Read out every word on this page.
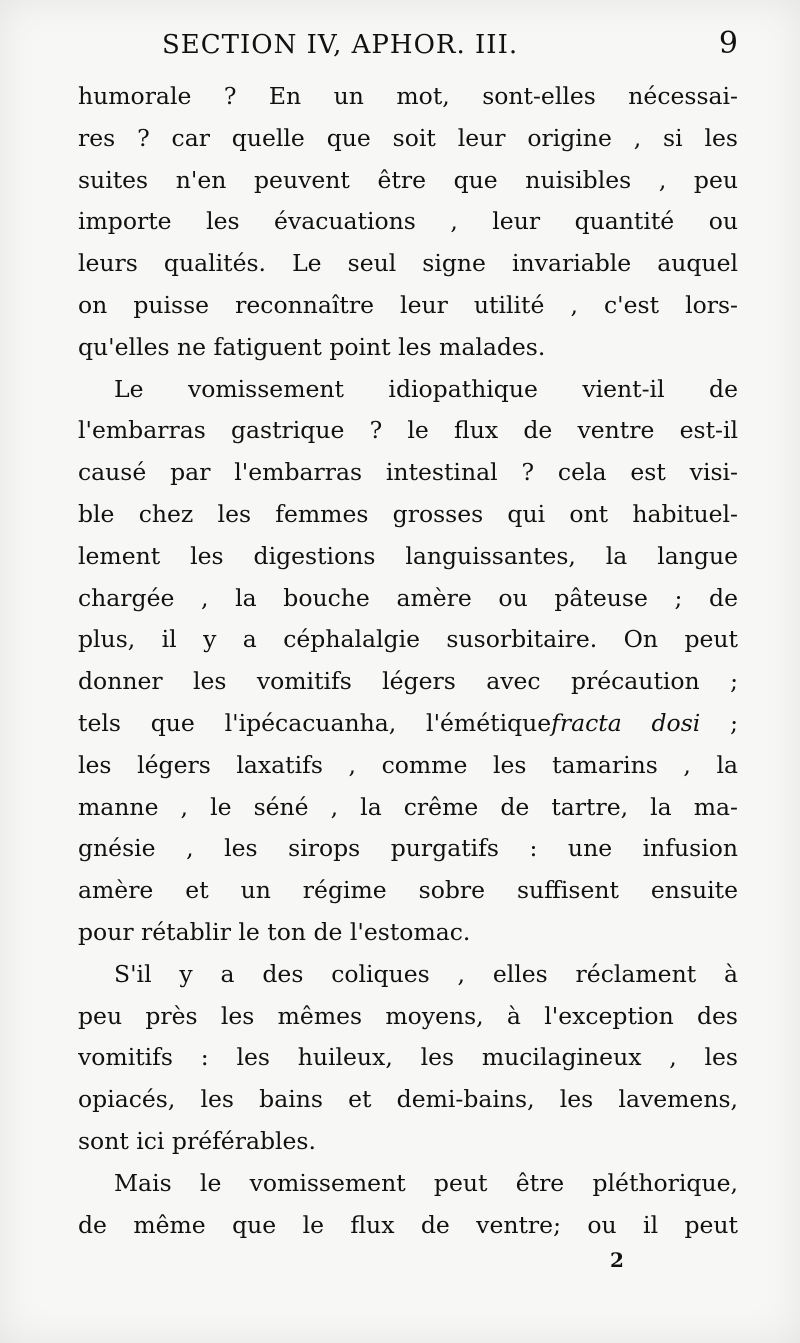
SECTION IV, APHOR. III.	9
humorale ? En un mot, sont-elles nécessai-
res ? car quelle que soit leur origine , si les
suites n'en peuvent être que nuisibles , peu
importe les évacuations , leur quantité ou
leurs qualités. Le seul signe invariable auquel
on puisse reconnaître leur utilité , c'est lors-
qu'elles ne fatiguent point les malades.
Le vomissement idiopathique vient-il de
l'embarras gastrique ? le flux de ventre est-il
causé par l'embarras intestinal ? cela est visi-
ble chez les femmes grosses qui ont habituel-
lement les digestions languissantes, la langue
chargée , la bouche amère ou pâteuse ; de
plus, il y a céphalalgie susorbitaire. On peut
donner les vomitifs légers avec précaution ;
tels que l'ipécacuanha, l'émétiquefracta dosi ;
les légers laxatifs , comme les tamarins , la
manne , le séné , la crême de tartre, la ma-
gnésie , les sirops purgatifs : une infusion
amère et un régime sobre suffisent ensuite
pour rétablir le ton de l'estomac.
S'il y a des coliques , elles réclament à
peu près les mêmes moyens, à l'exception des
vomitifs : les huileux, les mucilagineux , les
opiacés, les bains et demi-bains, les lavemens,
sont ici préférables.
Mais le vomissement peut être pléthorique,
de même que le flux de ventre; ou il peut
2
